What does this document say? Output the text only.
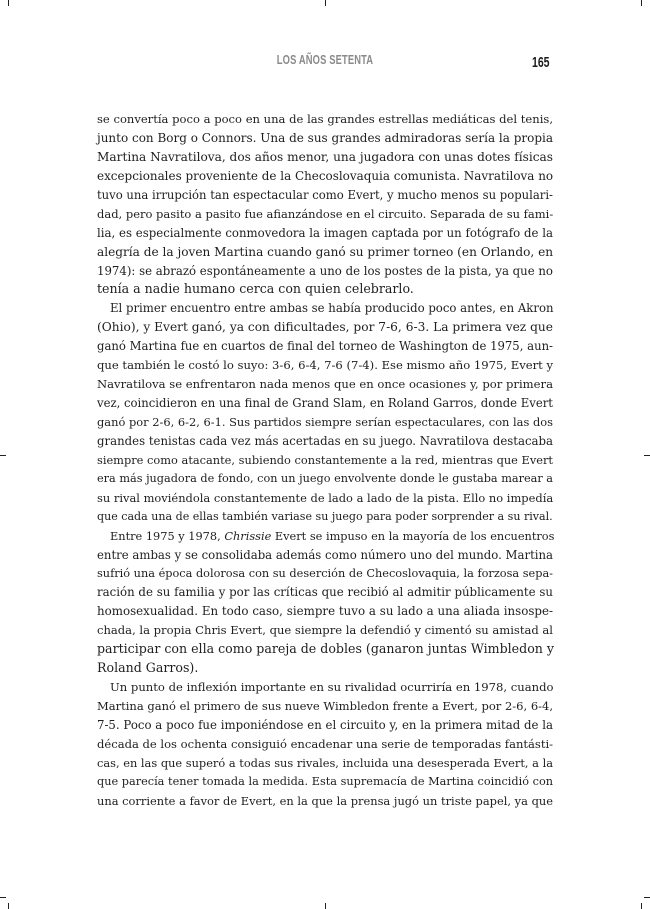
LOS AÑOS SETENTA	165
se convertía poco a poco en una de las grandes estrellas mediáticas del tenis,
junto con Borg o Connors. Una de sus grandes admiradoras sería la propia
Martina Navratilova, dos años menor, una jugadora con unas dotes físicas
excepcionales proveniente de la Checoslovaquia comunista. Navratilova no
tuvo una irrupción tan espectacular como Evert, y mucho menos su populari-
dad, pero pasito a pasito fue afianzándose en el circuito. Separada de su fami-
lia, es especialmente conmovedora la imagen captada por un fotógrafo de la
alegría de la joven Martina cuando ganó su primer torneo (en Orlando, en
1974): se abrazó espontáneamente a uno de los postes de la pista, ya que no
tenía a nadie humano cerca con quien celebrarlo.
El primer encuentro entre ambas se había producido poco antes, en Akron
(Ohio), y Evert ganó, ya con dificultades, por 7-6, 6-3. La primera vez que
ganó Martina fue en cuartos de final del torneo de Washington de 1975, aun-
que también le costó lo suyo: 3-6, 6-4, 7-6 (7-4). Ese mismo año 1975, Evert y
Navratilova se enfrentaron nada menos que en once ocasiones y, por primera
vez, coincidieron en una final de Grand Slam, en Roland Garros, donde Evert
ganó por 2-6, 6-2, 6-1. Sus partidos siempre serían espectaculares, con las dos
grandes tenistas cada vez más acertadas en su juego. Navratilova destacaba
siempre como atacante, subiendo constantemente a la red, mientras que Evert
era más jugadora de fondo, con un juego envolvente donde le gustaba marear a
su rival moviéndola constantemente de lado a lado de la pista. Ello no impedía
que cada una de ellas también variase su juego para poder sorprender a su rival.
Entre 1975 y 1978, Chrissie Evert se impuso en la mayoría de los encuentros
entre ambas y se consolidaba además como número uno del mundo. Martina
sufrió una época dolorosa con su deserción de Checoslovaquia, la forzosa sepa-
ración de su familia y por las críticas que recibió al admitir públicamente su
homosexualidad. En todo caso, siempre tuvo a su lado a una aliada insospe-
chada, la propia Chris Evert, que siempre la defendió y cimentó su amistad al
participar con ella como pareja de dobles (ganaron juntas Wimbledon y
Roland Garros).
Un punto de inflexión importante en su rivalidad ocurriría en 1978, cuando
Martina ganó el primero de sus nueve Wimbledon frente a Evert, por 2-6, 6-4,
7-5. Poco a poco fue imponiéndose en el circuito y, en la primera mitad de la
década de los ochenta consiguió encadenar una serie de temporadas fantásti-
cas, en las que superó a todas sus rivales, incluida una desesperada Evert, a la
que parecía tener tomada la medida. Esta supremacía de Martina coincidió con
una corriente a favor de Evert, en la que la prensa jugó un triste papel, ya que
